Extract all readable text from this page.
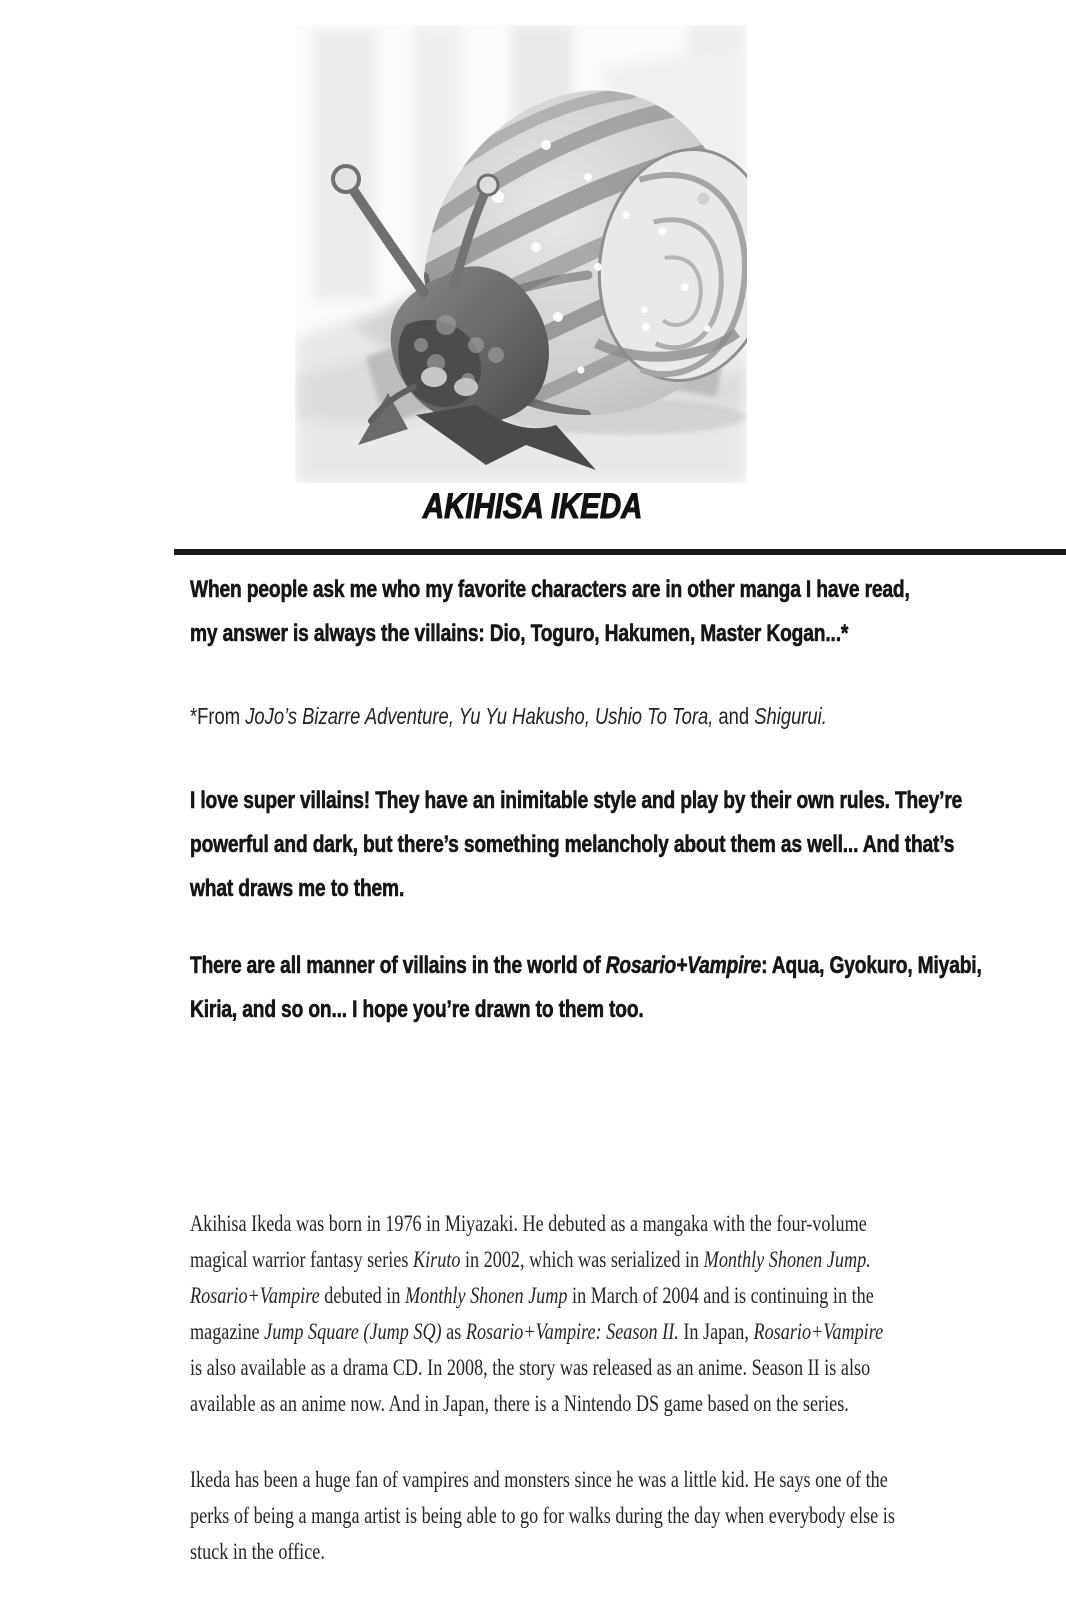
AKIHISA IKEDA
When people ask me who my favorite characters are in other manga I have read,
my answer is always the villains: Dio, Toguro, Hakumen, Master Kogan...*
*From JoJo’s Bizarre Adventure, Yu Yu Hakusho, Ushio To Tora, and Shigurui.
I love super villains! They have an inimitable style and play by their own rules. They’re
powerful and dark, but there’s something melancholy about them as well... And that’s
what draws me to them.
There are all manner of villains in the world of Rosario+Vampire: Aqua, Gyokuro, Miyabi,
Kiria, and so on... I hope you’re drawn to them too.
Akihisa Ikeda was born in 1976 in Miyazaki. He debuted as a mangaka with the four-volume
magical warrior fantasy series Kiruto in 2002, which was serialized in Monthly Shonen Jump.
Rosario+Vampire debuted in Monthly Shonen Jump in March of 2004 and is continuing in the
magazine Jump Square (Jump SQ) as Rosario+Vampire: Season II. In Japan, Rosario+Vampire
is also available as a drama CD. In 2008, the story was released as an anime. Season II is also
available as an anime now. And in Japan, there is a Nintendo DS game based on the series.
Ikeda has been a huge fan of vampires and monsters since he was a little kid. He says one of the
perks of being a manga artist is being able to go for walks during the day when everybody else is
stuck in the office.
